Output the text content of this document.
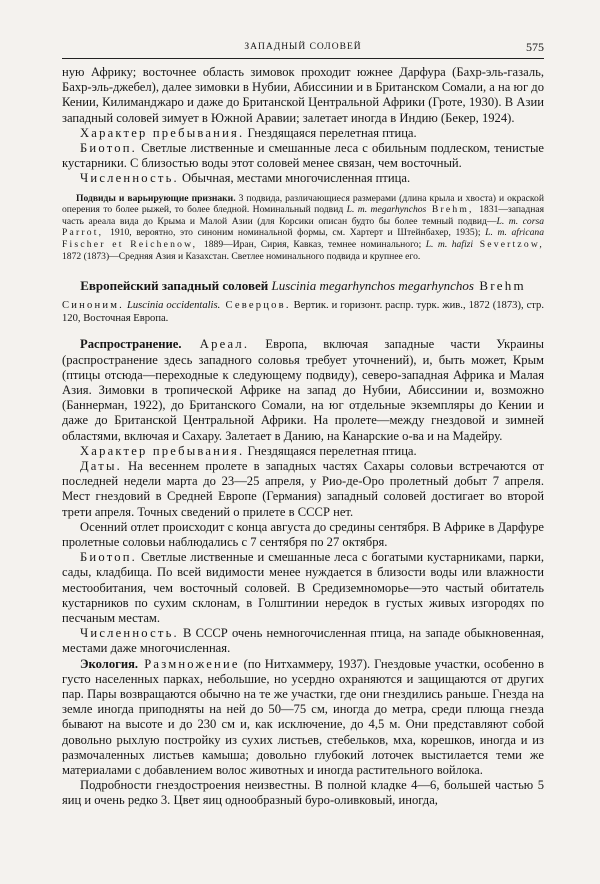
ЗАПАДНЫЙ СОЛОВЕЙ	575

ную Африку; восточнее область зимовок проходит южнее Дарфура (Бахр-эль-газаль, Бахр-эль-джебел), далее зимовки в Нубии, Абиссинии и в Британском Сомали, а на юг до Кении, Килиманджаро и даже до Британской Центральной Африки (Гроте, 1930). В Азии западный соловей зимует в Южной Аравии; залетает иногда в Индию (Бекер, 1924).

Характер пребывания. Гнездящаяся перелетная птица.

Биотоп. Светлые лиственные и смешанные леса с обильным подлеском, тенистые кустарники. С близостью воды этот соловей менее связан, чем восточный.

Численность. Обычная, местами многочисленная птица.

Подвиды и варьирующие признаки. 3 подвида, различающиеся размерами (длина крыла и хвоста) и окраской оперения то более рыжей, то более бледной. Номинальный подвид L. m. megarhynchos Brehm, 1831—западная часть ареала вида до Крыма и Малой Азии (для Корсики описан будто бы более темный подвид—L. m. corsa Parrot, 1910, вероятно, это синоним номинальной формы, см. Хартерт и Штейнбахер, 1935); L. m. africana Fischer et Reichenow, 1889—Иран, Сирия, Кавказ, темнее номинального; L. m. hafizi Severtzow, 1872 (1873)—Средняя Азия и Казахстан. Светлее номинального подвида и крупнее его.

Европейский западный соловей Luscinia megarhynchos megarhynchos Brehm

Синоним. Luscinia occidentalis. Северцов. Вертик. и горизонт. распр. турк. жив., 1872 (1873), стр. 120, Восточная Европа.

Распространение. Ареал. Европа, включая западные части Украины (распространение здесь западного соловья требует уточнений), и, быть может, Крым (птицы отсюда—переходные к следующему подвиду), северо-западная Африка и Малая Азия. Зимовки в тропической Африке на запад до Нубии, Абиссинии и, возможно (Баннерман, 1922), до Британского Сомали, на юг отдельные экземпляры до Кении и даже до Британской Центральной Африки. На пролете—между гнездовой и зимней областями, включая и Сахару. Залетает в Данию, на Канарские о-ва и на Мадейру.

Характер пребывания. Гнездящаяся перелетная птица.

Даты. На весеннем пролете в западных частях Сахары соловьи встречаются от последней недели марта до 23—25 апреля, у Рио-де-Оро пролетный добыт 7 апреля. Мест гнездовий в Средней Европе (Германия) западный соловей достигает во второй трети апреля. Точных сведений о прилете в СССР нет.

Осенний отлет происходит с конца августа до средины сентября. В Африке в Дарфуре пролетные соловьи наблюдались с 7 сентября по 27 октября.

Биотоп. Светлые лиственные и смешанные леса с богатыми кустарниками, парки, сады, кладбища. По всей видимости менее нуждается в близости воды или влажности местообитания, чем восточный соловей. В Средиземноморье—это частый обитатель кустарников по сухим склонам, в Голштинии нередок в густых живых изгородях по песчаным местам.

Численность. В СССР очень немногочисленная птица, на западе обыкновенная, местами даже многочисленная.

Экология. Размножение (по Нитхаммеру, 1937). Гнездовые участки, особенно в густо населенных парках, небольшие, но усердно охраняются и защищаются от других пар. Пары возвращаются обычно на те же участки, где они гнездились раньше. Гнезда на земле иногда приподняты на ней до 50—75 см, иногда до метра, среди плюща гнезда бывают на высоте и до 230 см и, как исключение, до 4,5 м. Они представляют собой довольно рыхлую постройку из сухих листьев, стебельков, мха, корешков, иногда и из размочаленных листьев камыша; довольно глубокий лоточек выстилается теми же материалами с добавлением волос животных и иногда растительного войлока.

Подробности гнездостроения неизвестны. В полной кладке 4—6, большей частью 5 яиц и очень редко 3. Цвет яиц однообразный буро-оливковый, иногда,
